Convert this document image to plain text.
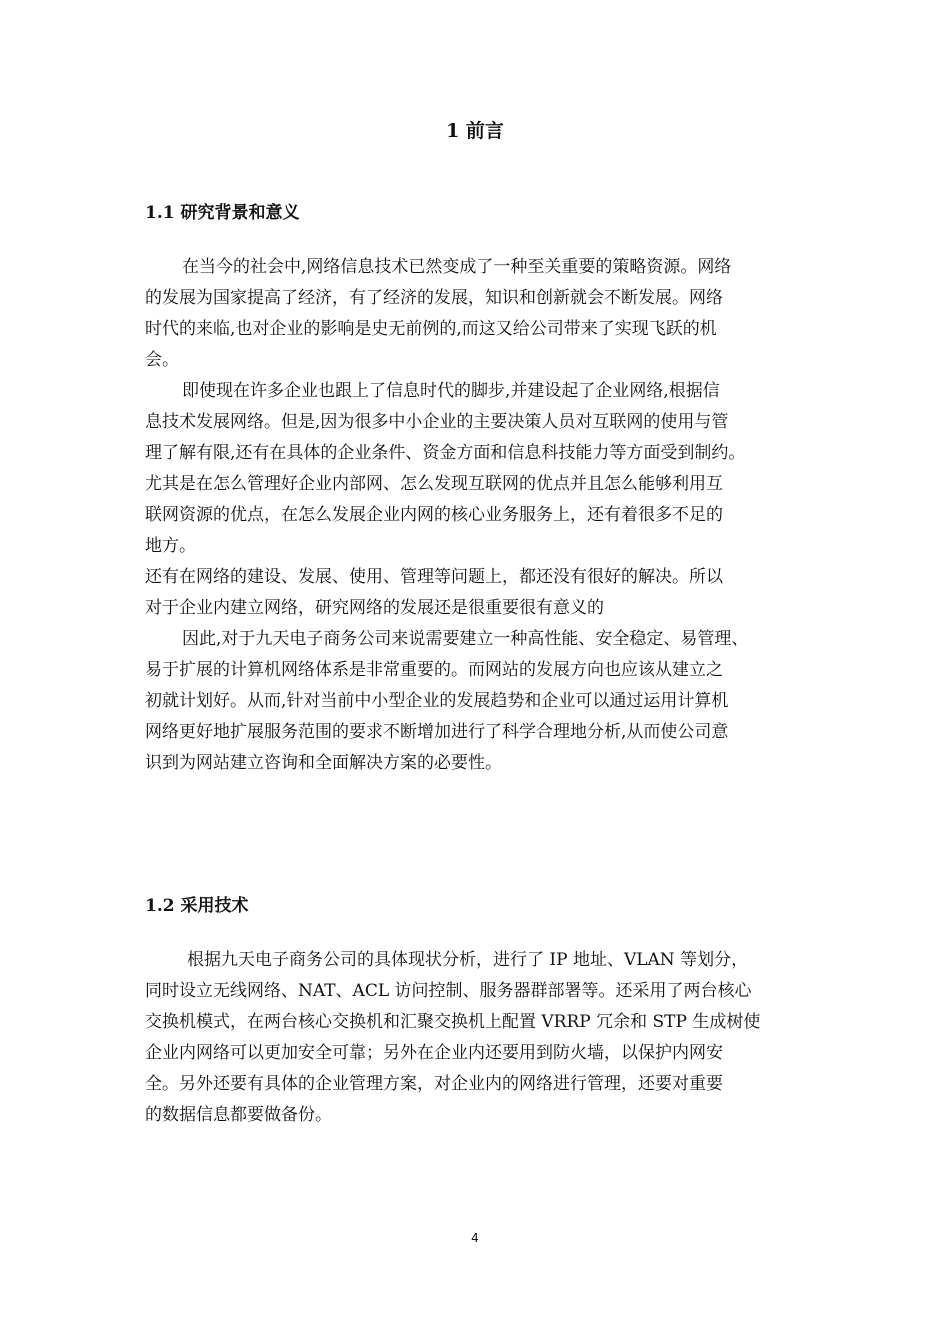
1 前言
1.1 研究背景和意义

在当今的社会中,网络信息技术已然变成了一种至关重要的策略资源。网络

的发展为国家提高了经济，有了经济的发展，知识和创新就会不断发展。网络

时代的来临,也对企业的影响是史无前例的,而这又给公司带来了实现飞跃的机

会。

即使现在许多企业也跟上了信息时代的脚步,并建设起了企业网络,根据信

息技术发展网络。但是,因为很多中小企业的主要决策人员对互联网的使用与管

理了解有限,还有在具体的企业条件、资金方面和信息科技能力等方面受到制约。

尤其是在怎么管理好企业内部网、怎么发现互联网的优点并且怎么能够利用互

联网资源的优点，在怎么发展企业内网的核心业务服务上，还有着很多不足的

地方。

还有在网络的建设、发展、使用、管理等问题上，都还没有很好的解决。所以

对于企业内建立网络，研究网络的发展还是很重要很有意义的

因此,对于九天电子商务公司来说需要建立一种高性能、安全稳定、易管理、

易于扩展的计算机网络体系是非常重要的。而网站的发展方向也应该从建立之

初就计划好。从而,针对当前中小型企业的发展趋势和企业可以通过运用计算机

网络更好地扩展服务范围的要求不断增加进行了科学合理地分析,从而使公司意

识到为网站建立咨询和全面解决方案的必要性。

1.2 采用技术

根据九天电子商务公司的具体现状分析，进行了 IP 地址、VLAN 等划分，

同时设立无线网络、NAT、ACL 访问控制、服务器群部署等。还采用了两台核心

交换机模式，在两台核心交换机和汇聚交换机上配置 VRRP 冗余和 STP 生成树使

企业内网络可以更加安全可靠；另外在企业内还要用到防火墙，以保护内网安

全。另外还要有具体的企业管理方案，对企业内的网络进行管理，还要对重要

的数据信息都要做备份。

4
